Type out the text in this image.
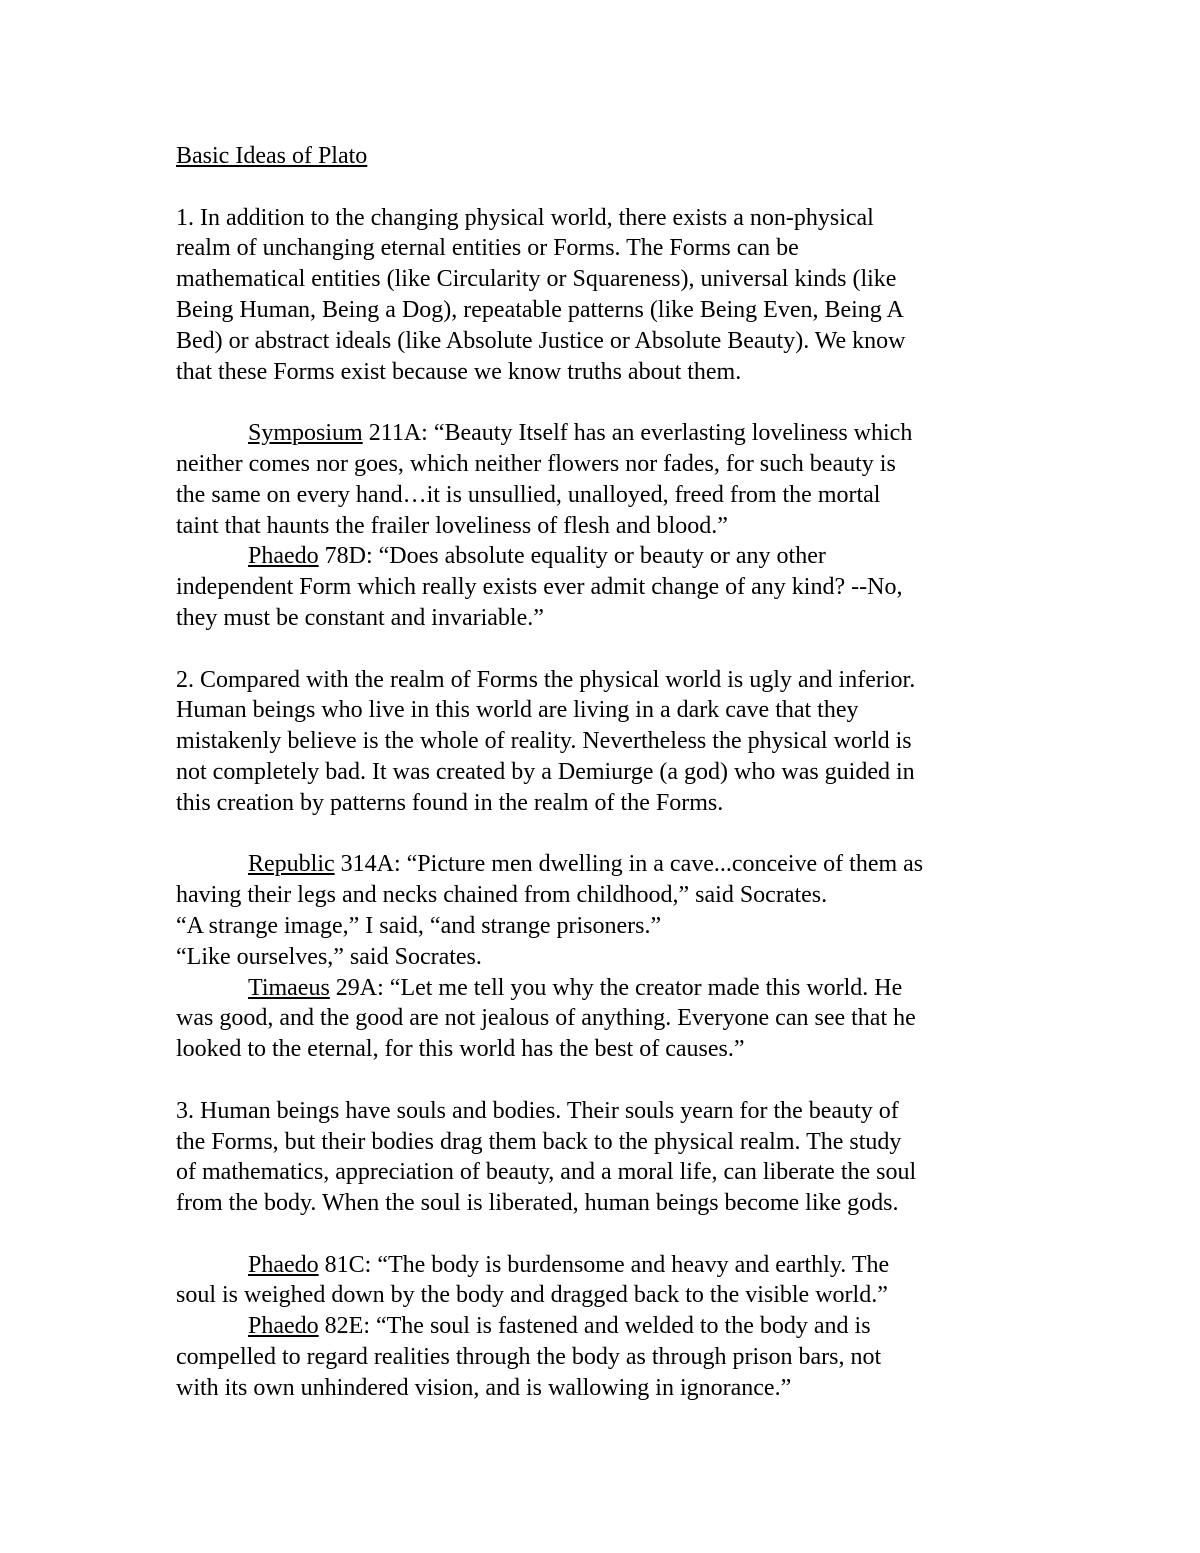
Basic Ideas of Plato
1. In addition to the changing physical world, there exists a non-physical
realm of unchanging eternal entities or Forms. The Forms can be
mathematical entities (like Circularity or Squareness), universal kinds (like
Being Human, Being a Dog), repeatable patterns (like Being Even, Being A
Bed) or abstract ideals (like Absolute Justice or Absolute Beauty). We know
that these Forms exist because we know truths about them.
Symposium 211A: “Beauty Itself has an everlasting loveliness which
neither comes nor goes, which neither flowers nor fades, for such beauty is
the same on every hand…it is unsullied, unalloyed, freed from the mortal
taint that haunts the frailer loveliness of flesh and blood.”
Phaedo 78D: “Does absolute equality or beauty or any other
independent Form which really exists ever admit change of any kind? --No,
they must be constant and invariable.”
2. Compared with the realm of Forms the physical world is ugly and inferior.
Human beings who live in this world are living in a dark cave that they
mistakenly believe is the whole of reality. Nevertheless the physical world is
not completely bad. It was created by a Demiurge (a god) who was guided in
this creation by patterns found in the realm of the Forms.
Republic 314A: “Picture men dwelling in a cave...conceive of them as
having their legs and necks chained from childhood,” said Socrates.
“A strange image,” I said, “and strange prisoners.”
“Like ourselves,” said Socrates.
Timaeus 29A: “Let me tell you why the creator made this world. He
was good, and the good are not jealous of anything. Everyone can see that he
looked to the eternal, for this world has the best of causes.”
3. Human beings have souls and bodies. Their souls yearn for the beauty of
the Forms, but their bodies drag them back to the physical realm. The study
of mathematics, appreciation of beauty, and a moral life, can liberate the soul
from the body. When the soul is liberated, human beings become like gods.
Phaedo 81C: “The body is burdensome and heavy and earthly. The
soul is weighed down by the body and dragged back to the visible world.”
Phaedo 82E: “The soul is fastened and welded to the body and is
compelled to regard realities through the body as through prison bars, not
with its own unhindered vision, and is wallowing in ignorance.”
